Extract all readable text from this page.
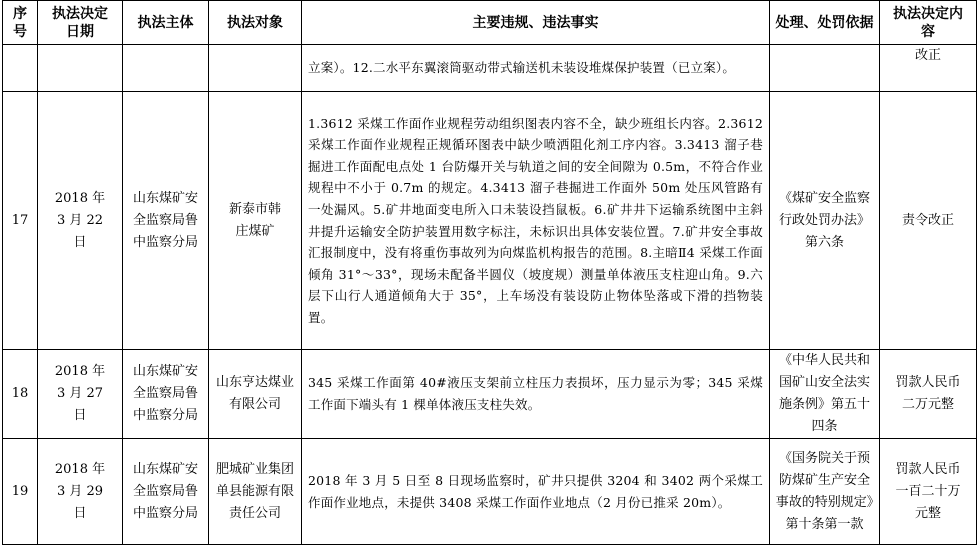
序号	执法决定日期	执法主体	执法对象	主要违规、违法事实	处理、处罚依据	执法决定内容
				立案）。12.二水平东翼滚筒驱动带式输送机未装设堆煤保护装置（已立案）。		改正
17	2018 年 3 月 22 日	山东煤矿安全监察局鲁中监察分局	新泰市韩庄煤矿	1.3612 采煤工作面作业规程劳动组织图表内容不全，缺少班组长内容。2.3612 采煤工作面作业规程正规循环图表中缺少喷洒阻化剂工序内容。3.3413 溜子巷掘进工作面配电点处 1 台防爆开关与轨道之间的安全间隙为 0.5m，不符合作业规程中不小于 0.7m 的规定。4.3413 溜子巷掘进工作面外 50m 处压风管路有一处漏风。5.矿井地面变电所入口未装设挡鼠板。6.矿井井下运输系统图中主斜井提升运输安全防护装置用数字标注，未标识出具体安装位置。7.矿井安全事故汇报制度中，没有将重伤事故列为向煤监机构报告的范围。8.主暗Ⅱ4 采煤工作面倾角 31°～33°，现场未配备半圆仪（坡度规）测量单体液压支柱迎山角。9.六层下山行人通道倾角大于 35°，上车场没有装设防止物体坠落或下滑的挡物装置。	《煤矿安全监察行政处罚办法》第六条	责令改正
18	2018 年 3 月 27 日	山东煤矿安全监察局鲁中监察分局	山东亨达煤业有限公司	345 采煤工作面第 40#液压支架前立柱压力表损坏，压力显示为零；345 采煤工作面下端头有 1 棵单体液压支柱失效。	《中华人民共和国矿山安全法实施条例》第五十四条	罚款人民币二万元整
19	2018 年 3 月 29 日	山东煤矿安全监察局鲁中监察分局	肥城矿业集团单县能源有限责任公司	2018 年 3 月 5 日至 8 日现场监察时，矿井只提供 3204 和 3402 两个采煤工作面作业地点，未提供 3408 采煤工作面作业地点（2 月份已推采 20m）。	《国务院关于预防煤矿生产安全事故的特别规定》第十条第一款	罚款人民币一百二十万元整
